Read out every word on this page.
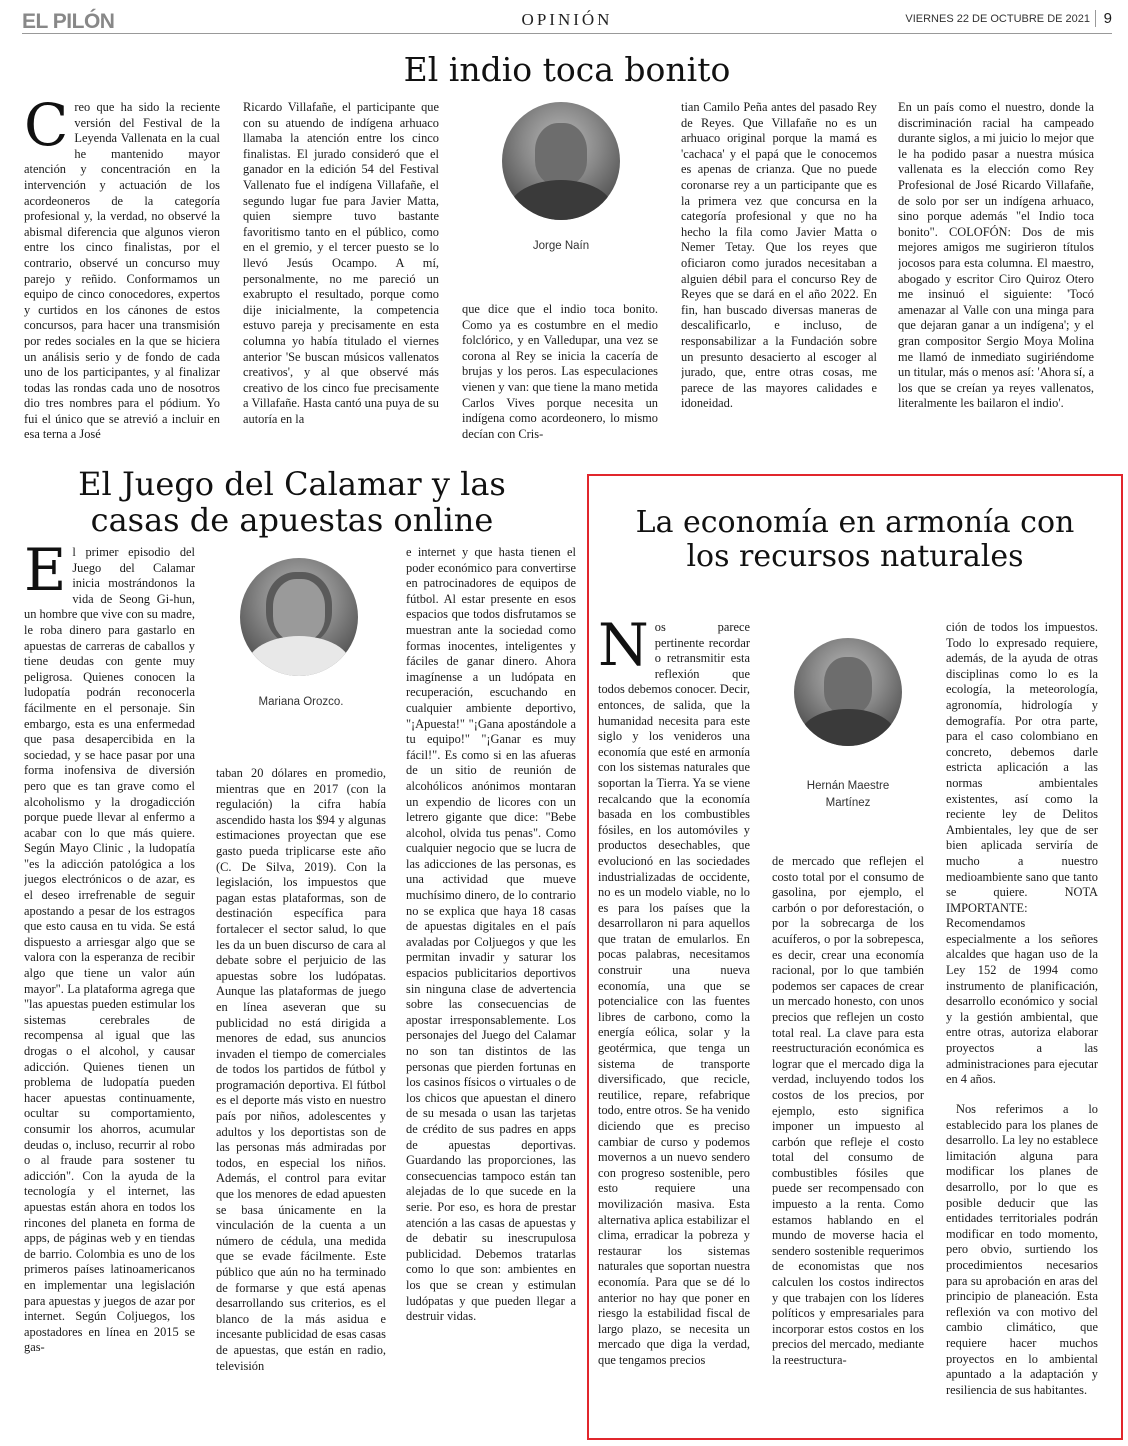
EL PILÓN	OPINIÓN	VIERNES 22 DE OCTUBRE DE 2021 9
El indio toca bonito
Creo que ha sido la reciente versión del Festival de la Leyenda Vallenata en la cual he mantenido mayor atención y concentración en la intervención y actuación de los acordeoneros de la categoría profesional y, la verdad, no observé la abismal diferencia que algunos vieron entre los cinco finalistas, por el contrario, observé un concurso muy parejo y reñido. Conformamos un equipo de cinco conocedores, expertos y curtidos en los cánones de estos concursos, para hacer una transmisión por redes sociales en la que se hiciera un análisis serio y de fondo de cada uno de los participantes, y al finalizar todas las rondas cada uno de nosotros dio tres nombres para el pódium. Yo fui el único que se atrevió a incluir en esa terna a José
Ricardo Villafañe, el participante que con su atuendo de indígena arhuaco llamaba la atención entre los cinco finalistas. El jurado consideró que el ganador en la edición 54 del Festival Vallenato fue el indígena Villafañe, el segundo lugar fue para Javier Matta, quien siempre tuvo bastante favoritismo tanto en el público, como en el gremio, y el tercer puesto se lo llevó Jesús Ocampo. A mí, personalmente, no me pareció un exabrupto el resultado, porque como dije inicialmente, la competencia estuvo pareja y precisamente en esta columna yo había titulado el viernes anterior 'Se buscan músicos vallenatos creativos', y al que observé más creativo de los cinco fue precisamente a Villafañe. Hasta cantó una puya de su autoría en la
Jorge Naín
que dice que el indio toca bonito. Como ya es costumbre en el medio folclórico, y en Valledupar, una vez se corona al Rey se inicia la cacería de brujas y los peros. Las especulaciones vienen y van: que tiene la mano metida Carlos Vives porque necesita un indígena como acordeonero, lo mismo decían con Cris-
tian Camilo Peña antes del pasado Rey de Reyes. Que Villafañe no es un arhuaco original porque la mamá es 'cachaca' y el papá que le conocemos es apenas de crianza. Que no puede coronarse rey a un participante que es la primera vez que concursa en la categoría profesional y que no ha hecho la fila como Javier Matta o Nemer Tetay. Que los reyes que oficiaron como jurados necesitaban a alguien débil para el concurso Rey de Reyes que se dará en el año 2022. En fin, han buscado diversas maneras de descalificarlo, e incluso, de responsabilizar a la Fundación sobre un presunto desacierto al escoger al jurado, que, entre otras cosas, me parece de las mayores calidades e idoneidad.
En un país como el nuestro, donde la discriminación racial ha campeado durante siglos, a mi juicio lo mejor que le ha podido pasar a nuestra música vallenata es la elección como Rey Profesional de José Ricardo Villafañe, de solo por ser un indígena arhuaco, sino porque además "el Indio toca bonito". COLOFÓN: Dos de mis mejores amigos me sugirieron títulos jocosos para esta columna. El maestro, abogado y escritor Ciro Quiroz Otero me insinuó el siguiente: 'Tocó amenazar al Valle con una minga para que dejaran ganar a un indígena'; y el gran compositor Sergio Moya Molina me llamó de inmediato sugiriéndome un titular, más o menos así: 'Ahora sí, a los que se creían ya reyes vallenatos, literalmente les bailaron el indio'.
El Juego del Calamar y las
casas de apuestas online
El primer episodio del Juego del Calamar inicia mostrándonos la vida de Seong Gi-hun, un hombre que vive con su madre, le roba dinero para gastarlo en apuestas de carreras de caballos y tiene deudas con gente muy peligrosa. Quienes conocen la ludopatía podrán reconocerla fácilmente en el personaje. Sin embargo, esta es una enfermedad que pasa desapercibida en la sociedad, y se hace pasar por una forma inofensiva de diversión pero que es tan grave como el alcoholismo y la drogadicción porque puede llevar al enfermo a acabar con lo que más quiere. Según Mayo Clinic , la ludopatía "es la adicción patológica a los juegos electrónicos o de azar, es el deseo irrefrenable de seguir apostando a pesar de los estragos que esto causa en tu vida. Se está dispuesto a arriesgar algo que se valora con la esperanza de recibir algo que tiene un valor aún mayor". La plataforma agrega que "las apuestas pueden estimular los sistemas cerebrales de recompensa al igual que las drogas o el alcohol, y causar adicción. Quienes tienen un problema de ludopatía pueden hacer apuestas continuamente, ocultar su comportamiento, consumir los ahorros, acumular deudas o, incluso, recurrir al robo o al fraude para sostener tu adicción". Con la ayuda de la tecnología y el internet, las apuestas están ahora en todos los rincones del planeta en forma de apps, de páginas web y en tiendas de barrio. Colombia es uno de los primeros países latinoamericanos en implementar una legislación para apuestas y juegos de azar por internet. Según Coljuegos, los apostadores en línea en 2015 se gas-
Mariana Orozco.
taban 20 dólares en promedio, mientras que en 2017 (con la regulación) la cifra había ascendido hasta los $94 y algunas estimaciones proyectan que ese gasto pueda triplicarse este año (C. De Silva, 2019). Con la legislación, los impuestos que pagan estas plataformas, son de destinación específica para fortalecer el sector salud, lo que les da un buen discurso de cara al debate sobre el perjuicio de las apuestas sobre los ludópatas. Aunque las plataformas de juego en línea aseveran que su publicidad no está dirigida a menores de edad, sus anuncios invaden el tiempo de comerciales de todos los partidos de fútbol y programación deportiva. El fútbol es el deporte más visto en nuestro país por niños, adolescentes y adultos y los deportistas son de las personas más admiradas por todos, en especial los niños. Además, el control para evitar que los menores de edad apuesten se basa únicamente en la vinculación de la cuenta a un número de cédula, una medida que se evade fácilmente. Este público que aún no ha terminado de formarse y que está apenas desarrollando sus criterios, es el blanco de la más asidua e incesante publicidad de esas casas de apuestas, que están en radio, televisión
e internet y que hasta tienen el poder económico para convertirse en patrocinadores de equipos de fútbol. Al estar presente en esos espacios que todos disfrutamos se muestran ante la sociedad como formas inocentes, inteligentes y fáciles de ganar dinero. Ahora imagínense a un ludópata en recuperación, escuchando en cualquier ambiente deportivo, "¡Apuesta!" "¡Gana apostándole a tu equipo!" "¡Ganar es muy fácil!". Es como si en las afueras de un sitio de reunión de alcohólicos anónimos montaran un expendio de licores con un letrero gigante que dice: "Bebe alcohol, olvida tus penas". Como cualquier negocio que se lucra de las adicciones de las personas, es una actividad que mueve muchísimo dinero, de lo contrario no se explica que haya 18 casas de apuestas digitales en el país avaladas por Coljuegos y que les permitan invadir y saturar los espacios publicitarios deportivos sin ninguna clase de advertencia sobre las consecuencias de apostar irresponsablemente. Los personajes del Juego del Calamar no son tan distintos de las personas que pierden fortunas en los casinos físicos o virtuales o de los chicos que apuestan el dinero de su mesada o usan las tarjetas de crédito de sus padres en apps de apuestas deportivas. Guardando las proporciones, las consecuencias tampoco están tan alejadas de lo que sucede en la serie. Por eso, es hora de prestar atención a las casas de apuestas y de debatir su inescrupulosa publicidad. Debemos tratarlas como lo que son: ambientes en los que se crean y estimulan ludópatas y que pueden llegar a destruir vidas.
La economía en armonía con
los recursos naturales
Nos parece pertinente recordar o retransmitir esta reflexión que todos debemos conocer. Decir, entonces, de salida, que la humanidad necesita para este siglo y los venideros una economía que esté en armonía con los sistemas naturales que soportan la Tierra. Ya se viene recalcando que la economía basada en los combustibles fósiles, en los automóviles y productos desechables, que evolucionó en las sociedades industrializadas de occidente, no es un modelo viable, no lo es para los países que la desarrollaron ni para aquellos que tratan de emularlos. En pocas palabras, necesitamos construir una nueva economía, una que se potencialice con las fuentes libres de carbono, como la energía eólica, solar y la geotérmica, que tenga un sistema de transporte diversificado, que recicle, reutilice, repare, refabrique todo, entre otros. Se ha venido diciendo que es preciso cambiar de curso y podemos movernos a un nuevo sendero con progreso sostenible, pero esto requiere una movilización masiva. Esta alternativa aplica estabilizar el clima, erradicar la pobreza y restaurar los sistemas naturales que soportan nuestra economía. Para que se dé lo anterior no hay que poner en riesgo la estabilidad fiscal de largo plazo, se necesita un mercado que diga la verdad, que tengamos precios
Hernán Maestre
Martínez
de mercado que reflejen el costo total por el consumo de gasolina, por ejemplo, el carbón o por deforestación, o por la sobrecarga de los acuíferos, o por la sobrepesca, es decir, crear una economía racional, por lo que también podemos ser capaces de crear un mercado honesto, con unos precios que reflejen un costo total real. La clave para esta reestructuración económica es lograr que el mercado diga la verdad, incluyendo todos los costos de los precios, por ejemplo, esto significa imponer un impuesto al carbón que refleje el costo total del consumo de combustibles fósiles que puede ser recompensado con impuesto a la renta. Como estamos hablando en el mundo de moverse hacia el sendero sostenible requerimos de economistas que nos calculen los costos indirectos y que trabajen con los líderes políticos y empresariales para incorporar estos costos en los precios del mercado, mediante la reestructura-
ción de todos los impuestos. Todo lo expresado requiere, además, de la ayuda de otras disciplinas como lo es la ecología, la meteorología, agronomía, hidrología y demografía. Por otra parte, para el caso colombiano en concreto, debemos darle estricta aplicación a las normas ambientales existentes, así como la reciente ley de Delitos Ambientales, ley que de ser bien aplicada serviría de mucho a nuestro medioambiente sano que tanto se quiere. NOTA IMPORTANTE: Recomendamos especialmente a los señores alcaldes que hagan uso de la Ley 152 de 1994 como instrumento de planificación, desarrollo económico y social y la gestión ambiental, que entre otras, autoriza elaborar proyectos a las administraciones para ejecutar en 4 años.
Nos referimos a lo establecido para los planes de desarrollo. La ley no establece limitación alguna para modificar los planes de desarrollo, por lo que es posible deducir que las entidades territoriales podrán modificar en todo momento, pero obvio, surtiendo los procedimientos necesarios para su aprobación en aras del principio de planeación. Esta reflexión va con motivo del cambio climático, que requiere hacer muchos proyectos en lo ambiental apuntado a la adaptación y resiliencia de sus habitantes.
